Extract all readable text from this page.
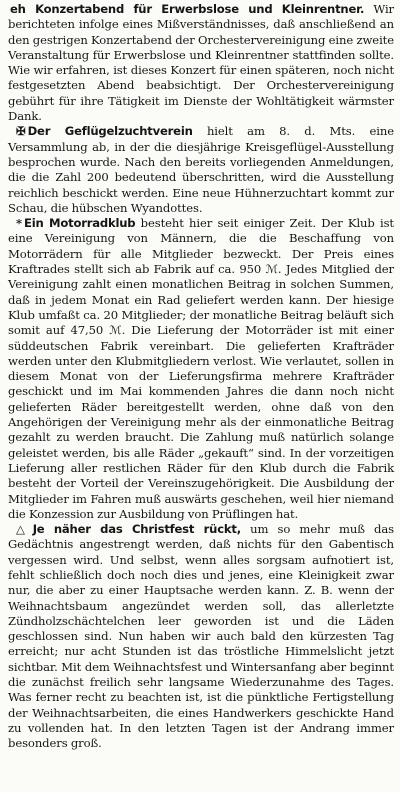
eh Konzertabend für Erwerbslose und Kleinrentner. Wir berichteten infolge eines Mißverständnisses, daß anschließend an den gestrigen Konzertabend der Orchestervereinigung eine zweite Veranstaltung für Erwerbslose und Kleinrentner stattfinden sollte. Wie wir erfahren, ist dieses Konzert für einen späteren, noch nicht festgesetzten Abend beabsichtigt. Der Orchestervereinigung gebührt für ihre Tätigkeit im Dienste der Wohltätigkeit wärmster Dank.

✠ Der Geflügelzuchtverein hielt am 8. d. Mts. eine Versammlung ab, in der die diesjährige Kreisgeflügel-Ausstellung besprochen wurde. Nach den bereits vorliegenden Anmeldungen, die die Zahl 200 bedeutend überschritten, wird die Ausstellung reichlich beschickt werden. Eine neue Hühnerzuchtart kommt zur Schau, die hübschen Wyandottes.

* Ein Motorradklub besteht hier seit einiger Zeit. Der Klub ist eine Vereinigung von Männern, die die Beschaffung von Motorrädern für alle Mitglieder bezweckt. Der Preis eines Kraftrades stellt sich ab Fabrik auf ca. 950 ℳ. Jedes Mitglied der Vereinigung zahlt einen monatlichen Beitrag in solchen Summen, daß in jedem Monat ein Rad geliefert werden kann. Der hiesige Klub umfaßt ca. 20 Mitglieder; der monatliche Beitrag beläuft sich somit auf 47,50 ℳ. Die Lieferung der Motorräder ist mit einer süddeutschen Fabrik vereinbart. Die gelieferten Krafträder werden unter den Klubmitgliedern verlost. Wie verlautet, sollen in diesem Monat von der Lieferungsfirma mehrere Krafträder geschickt und im Mai kommenden Jahres die dann noch nicht gelieferten Räder bereitgestellt werden, ohne daß von den Angehörigen der Vereinigung mehr als der einmonatliche Beitrag gezahlt zu werden braucht. Die Zahlung muß natürlich solange geleistet werden, bis alle Räder „gekauft“ sind. In der vorzeitigen Lieferung aller restlichen Räder für den Klub durch die Fabrik besteht der Vorteil der Vereinszugehörigkeit. Die Ausbildung der Mitglieder im Fahren muß auswärts geschehen, weil hier niemand die Konzession zur Ausbildung von Prüflingen hat.

△ Je näher das Christfest rückt, um so mehr muß das Gedächtnis angestrengt werden, daß nichts für den Gabentisch vergessen wird. Und selbst, wenn alles sorgsam aufnotiert ist, fehlt schließlich doch noch dies und jenes, eine Kleinigkeit zwar nur, die aber zu einer Hauptsache werden kann. Z. B. wenn der Weihnachtsbaum angezündet werden soll, das allerletzte Zündholzschächtelchen leer geworden ist und die Läden geschlossen sind. Nun haben wir auch bald den kürzesten Tag erreicht; nur acht Stunden ist das tröstliche Himmelslicht jetzt sichtbar. Mit dem Weihnachtsfest und Wintersanfang aber beginnt die zunächst freilich sehr langsame Wiederzunahme des Tages. Was ferner recht zu beachten ist, ist die pünktliche Fertigstellung der Weihnachtsarbeiten, die eines Handwerkers geschickte Hand zu vollenden hat. In den letzten Tagen ist der Andrang immer besonders groß.
